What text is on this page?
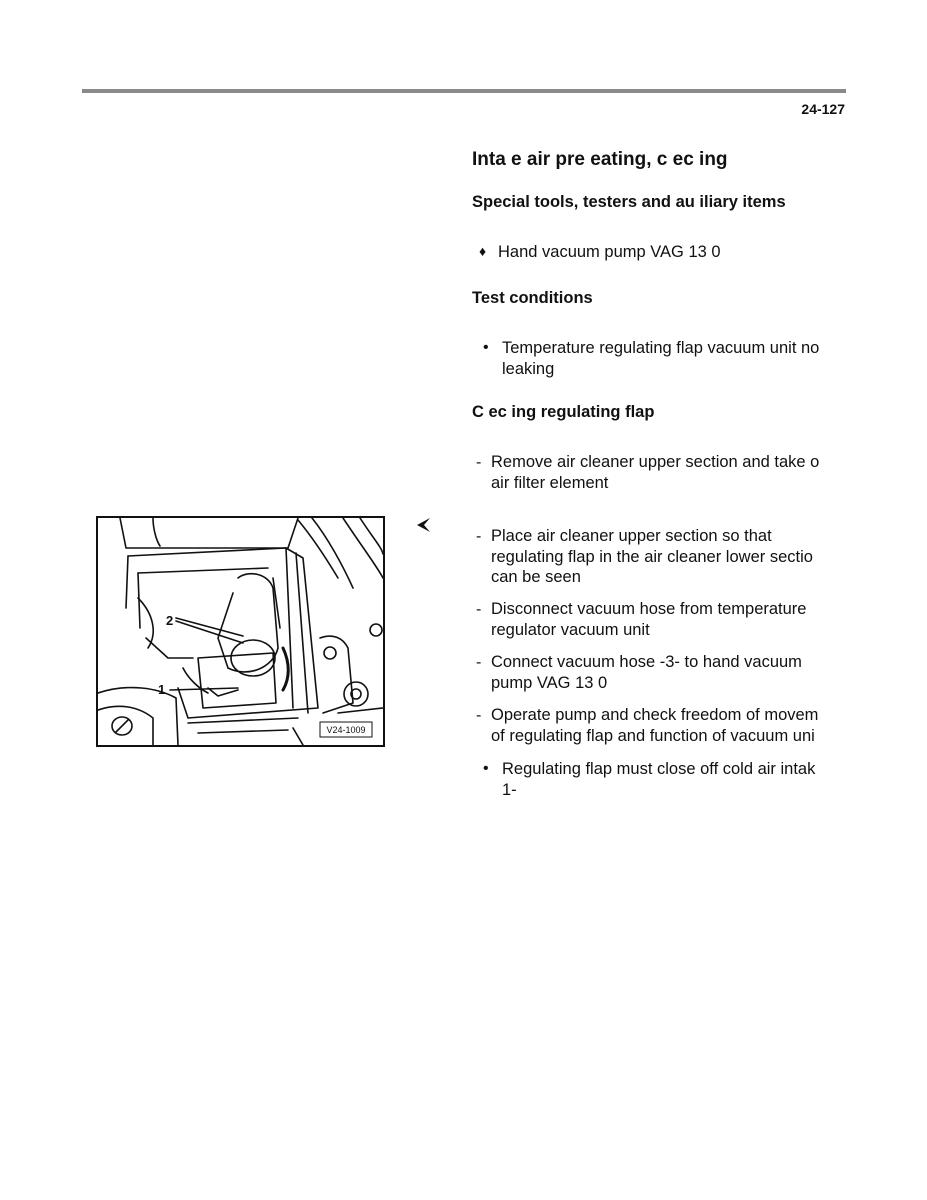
24-127
Inta e air pre eating, c ec ing
Special tools, testers and au iliary items
♦ Hand vacuum pump VAG 13 0
Test conditions
• Temperature regulating flap vacuum unit no
leaking
C ec ing regulating flap
- Remove air cleaner upper section and take o
air filter element
- Place air cleaner upper section so that
regulating flap in the air cleaner lower sectio
can be seen
- Disconnect vacuum hose from temperature
regulator vacuum unit
- Connect vacuum hose -3- to hand vacuum
pump VAG 13 0
- Operate pump and check freedom of movem
of regulating flap and function of vacuum uni
• Regulating flap must close off cold air intak
1-
2
1
V24-1009
